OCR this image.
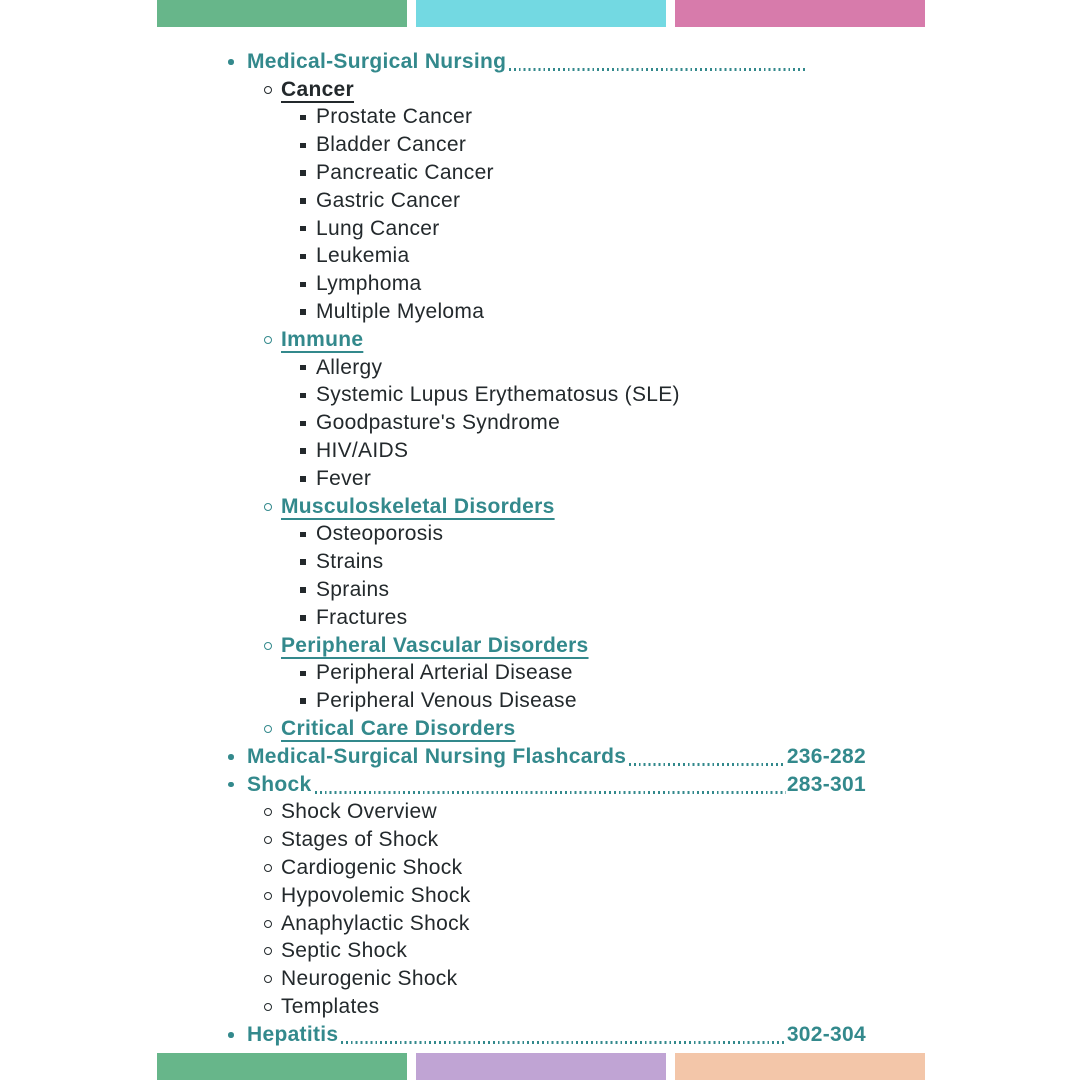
Medical-Surgical Nursing
Cancer
Prostate Cancer
Bladder Cancer
Pancreatic Cancer
Gastric Cancer
Lung Cancer
Leukemia
Lymphoma
Multiple Myeloma
Immune
Allergy
Systemic Lupus Erythematosus (SLE)
Goodpasture's Syndrome
HIV/AIDS
Fever
Musculoskeletal Disorders
Osteoporosis
Strains
Sprains
Fractures
Peripheral Vascular Disorders
Peripheral Arterial Disease
Peripheral Venous Disease
Critical Care Disorders
Medical-Surgical Nursing Flashcards	236-282
Shock	283-301
Shock Overview
Stages of Shock
Cardiogenic Shock
Hypovolemic Shock
Anaphylactic Shock
Septic Shock
Neurogenic Shock
Templates
Hepatitis	302-304
